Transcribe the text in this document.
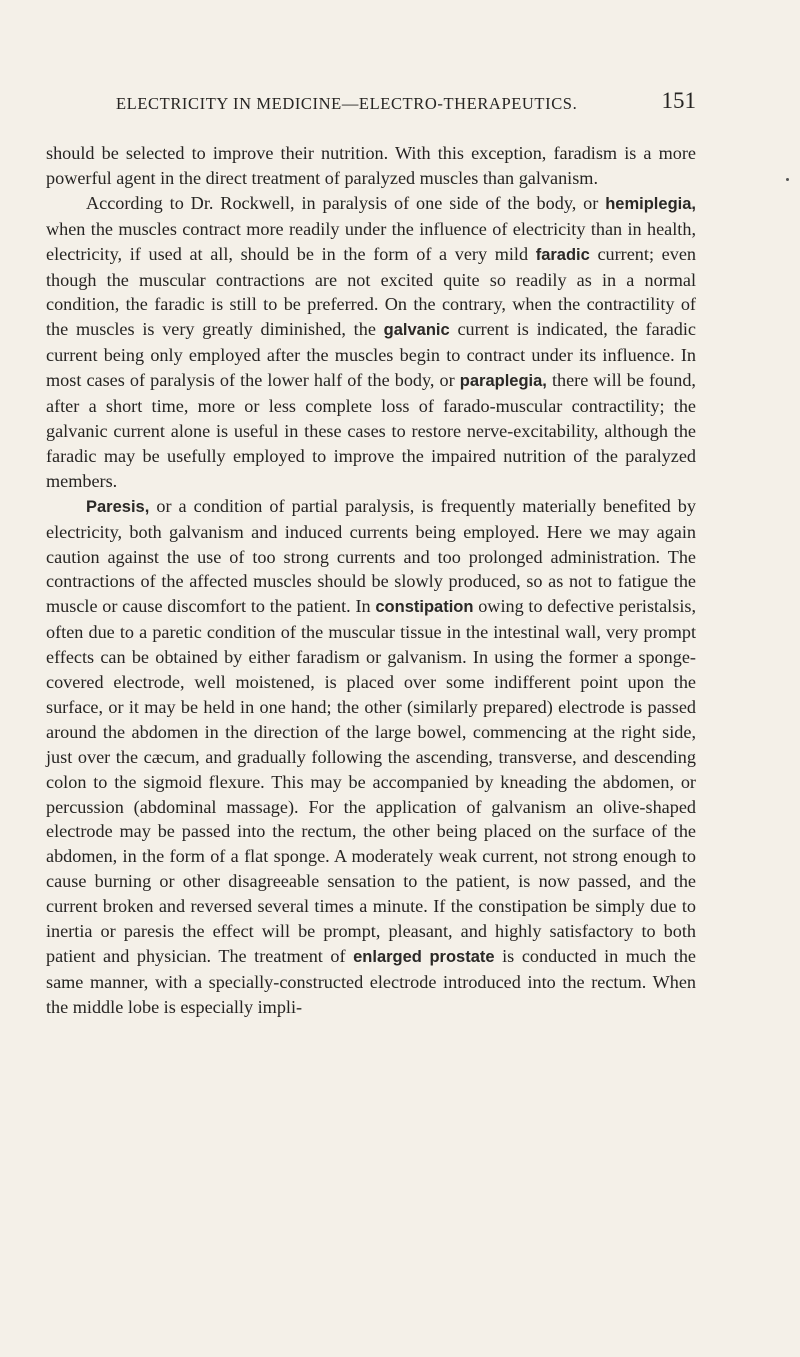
ELECTRICITY IN MEDICINE—ELECTRO-THERAPEUTICS.	151

should be selected to improve their nutrition. With this exception, faradism is a more powerful agent in the direct treatment of paralyzed muscles than galvanism.

According to Dr. Rockwell, in paralysis of one side of the body, or hemiplegia, when the muscles contract more readily under the influence of electricity than in health, electricity, if used at all, should be in the form of a very mild faradic current; even though the muscular contractions are not excited quite so readily as in a normal condition, the faradic is still to be preferred. On the contrary, when the contractility of the muscles is very greatly diminished, the galvanic current is indicated, the faradic current being only employed after the muscles begin to contract under its influence. In most cases of paralysis of the lower half of the body, or paraplegia, there will be found, after a short time, more or less complete loss of farado-muscular contractility; the galvanic current alone is useful in these cases to restore nerve-excitability, although the faradic may be usefully employed to improve the impaired nutrition of the paralyzed members.

Paresis, or a condition of partial paralysis, is frequently materially benefited by electricity, both galvanism and induced currents being employed. Here we may again caution against the use of too strong currents and too prolonged administration. The contractions of the affected muscles should be slowly produced, so as not to fatigue the muscle or cause discomfort to the patient. In constipation owing to defective peristalsis, often due to a paretic condition of the muscular tissue in the intestinal wall, very prompt effects can be obtained by either faradism or galvanism. In using the former a sponge-covered electrode, well moistened, is placed over some indifferent point upon the surface, or it may be held in one hand; the other (similarly prepared) electrode is passed around the abdomen in the direction of the large bowel, commencing at the right side, just over the cæcum, and gradually following the ascending, transverse, and descending colon to the sigmoid flexure. This may be accompanied by kneading the abdomen, or percussion (abdominal massage). For the application of galvanism an olive-shaped electrode may be passed into the rectum, the other being placed on the surface of the abdomen, in the form of a flat sponge. A moderately weak current, not strong enough to cause burning or other disagreeable sensation to the patient, is now passed, and the current broken and reversed several times a minute. If the constipation be simply due to inertia or paresis the effect will be prompt, pleasant, and highly satisfactory to both patient and physician. The treatment of enlarged prostate is conducted in much the same manner, with a specially-constructed electrode introduced into the rectum. When the middle lobe is especially impli-
